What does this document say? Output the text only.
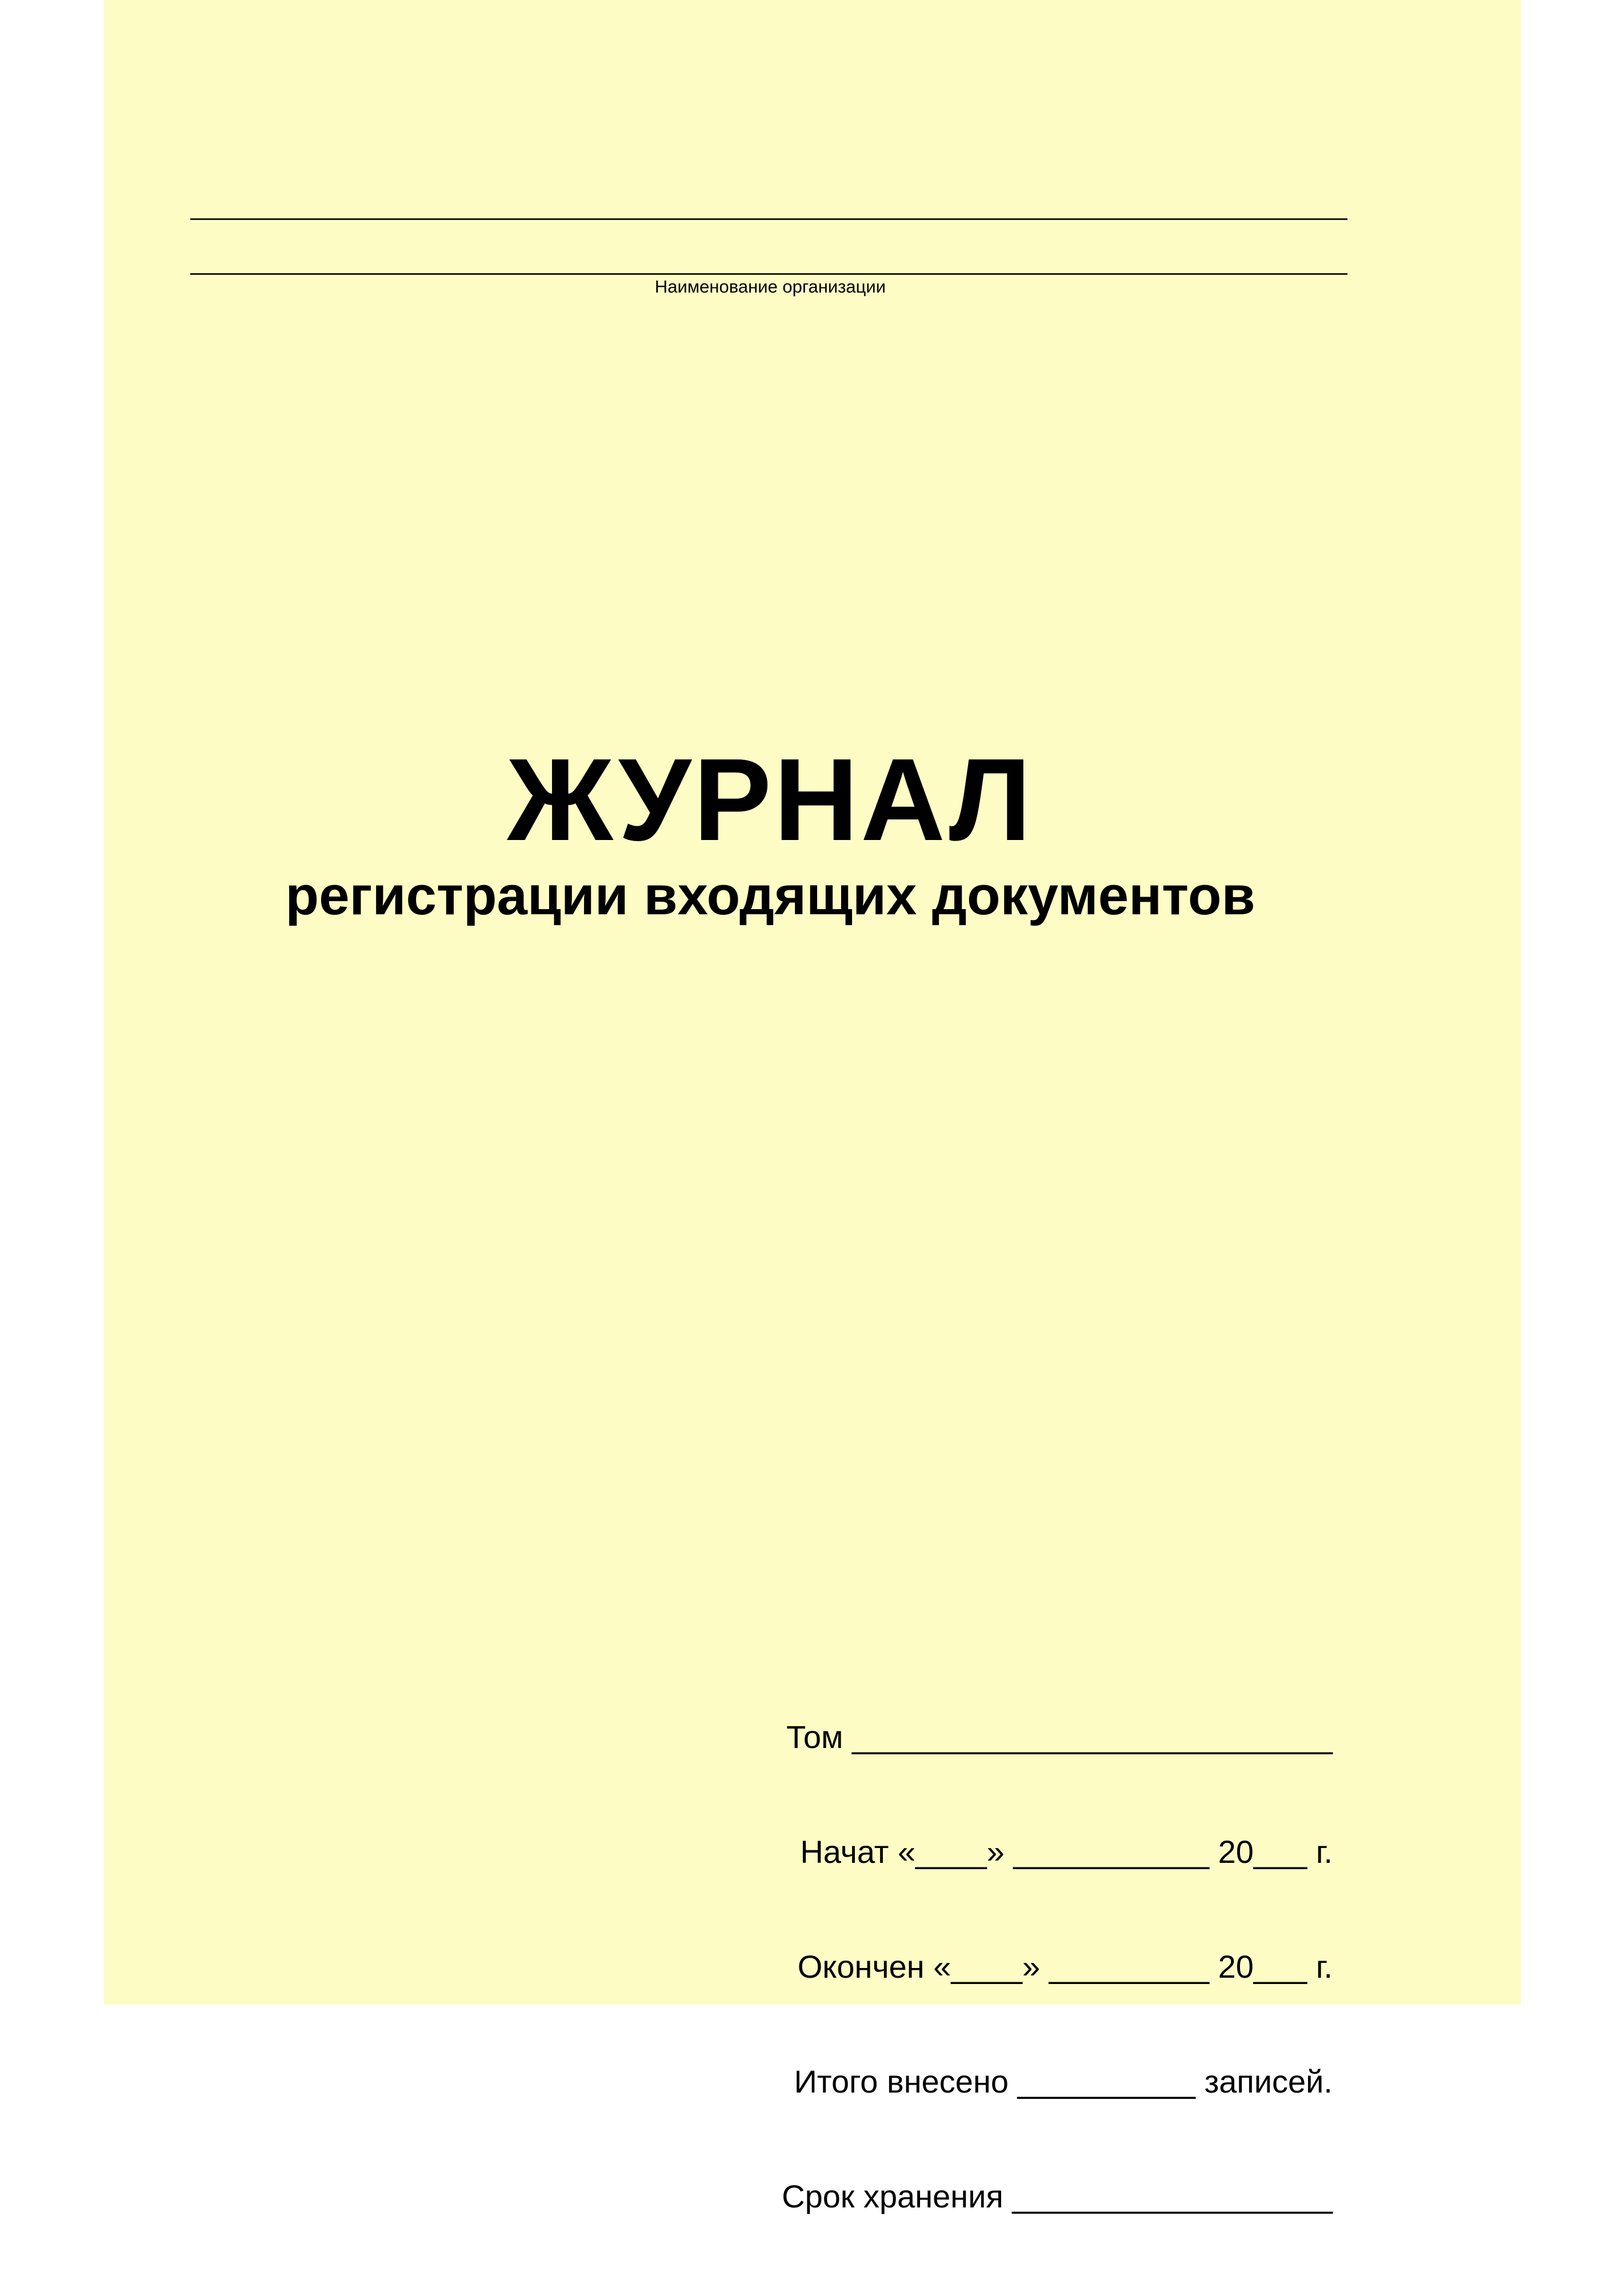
Наименование организации
ЖУРНАЛ
регистрации входящих документов

Том ___________________________

Начат «____» ___________ 20___ г.

Окончен «____» _________ 20___ г.

Итого внесено __________ записей.

Срок хранения __________________
